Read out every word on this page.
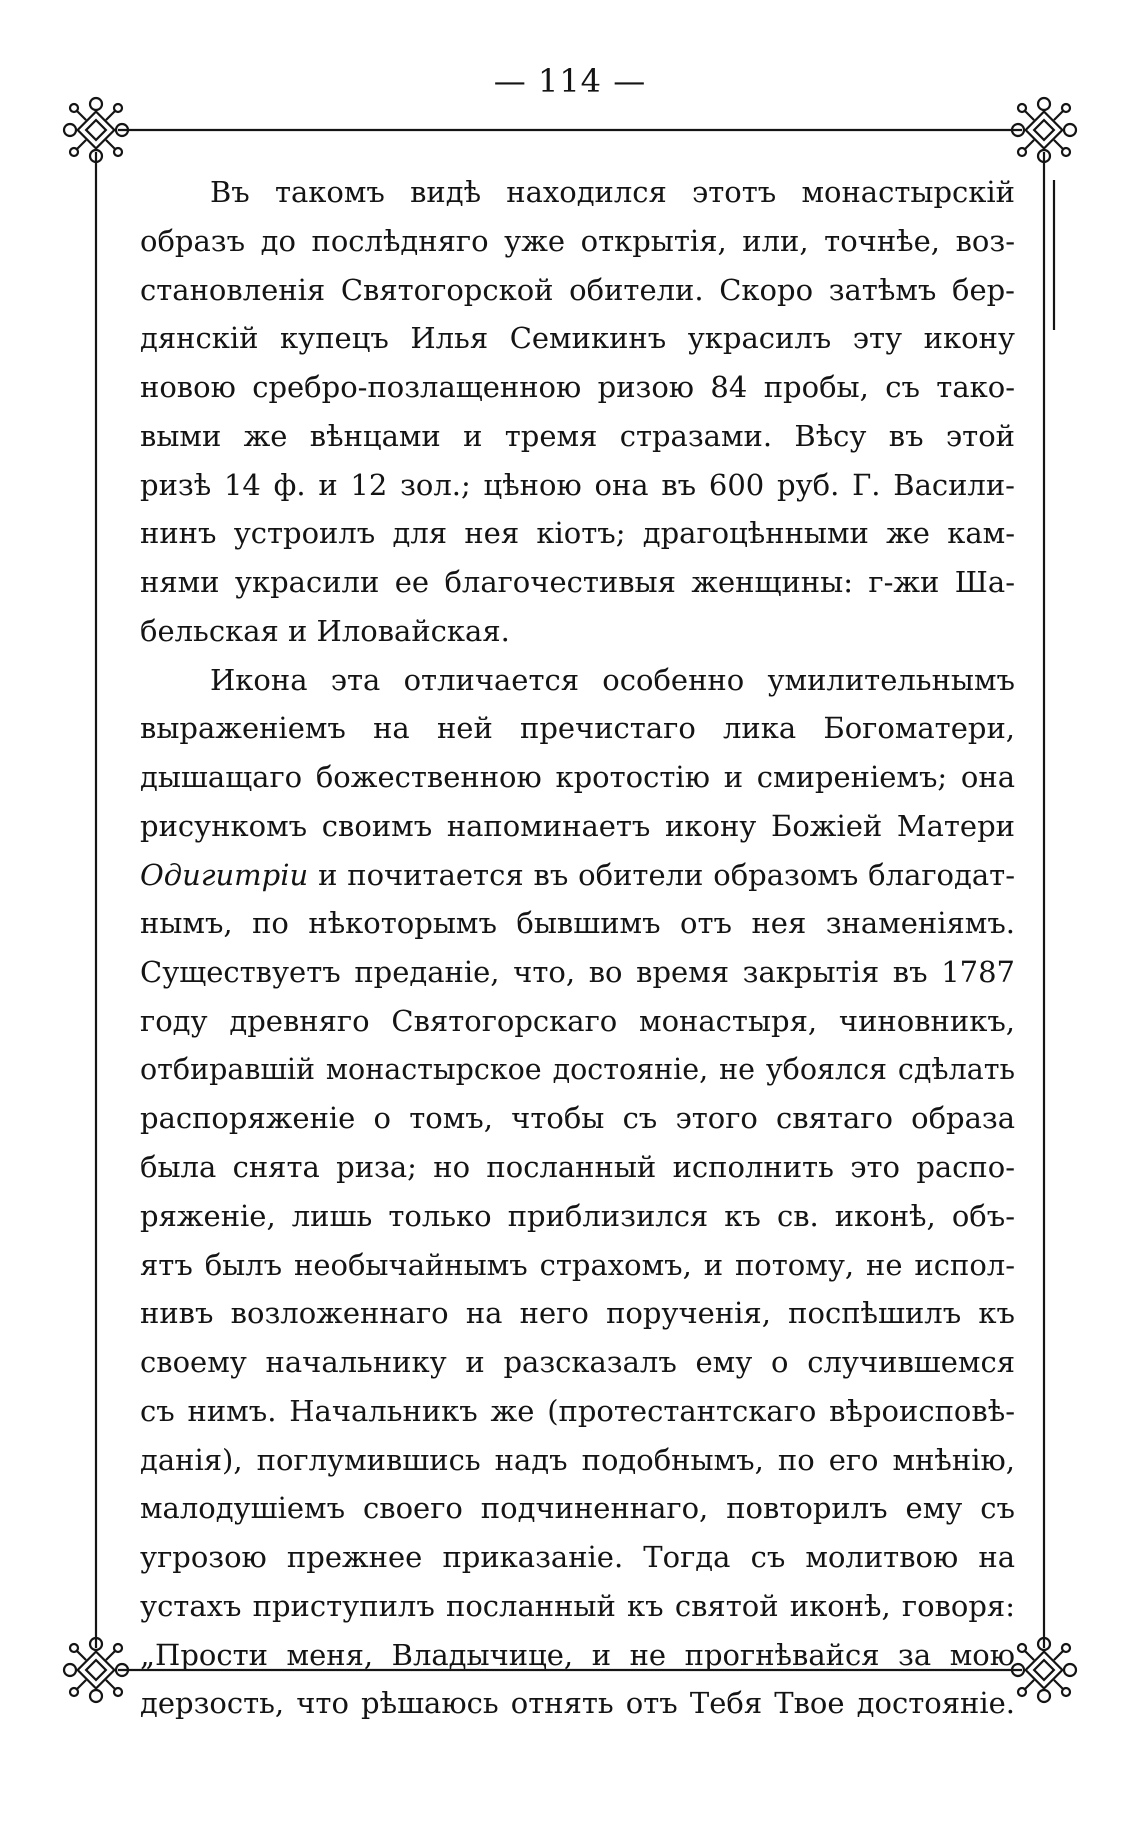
— 114 —
Въ такомъ видѣ находился этотъ монастырскій
образъ до послѣдняго уже открытія, или, точнѣе, воз-
становленія Святогорской обители. Скоро затѣмъ бер-
дянскій купецъ Илья Семикинъ украсилъ эту икону
новою сребро-позлащенною ризою 84 пробы, съ тако-
выми же вѣнцами и тремя стразами. Вѣсу въ этой
ризѣ 14 ф. и 12 зол.; цѣною она въ 600 руб. Г. Васили-
нинъ устроилъ для нея кіотъ; драгоцѣнными же кам-
нями украсили ее благочестивыя женщины: г-жи Ша-
бельская и Иловайская.
Икона эта отличается особенно умилительнымъ
выраженіемъ на ней пречистаго лика Богоматери,
дышащаго божественною кротостію и смиреніемъ; она
рисункомъ своимъ напоминаетъ икону Божіей Матери
Одигитріи и почитается въ обители образомъ благодат-
нымъ, по нѣкоторымъ бывшимъ отъ нея знаменіямъ.
Существуетъ преданіе, что, во время закрытія въ 1787
году древняго Святогорскаго монастыря, чиновникъ,
отбиравшій монастырское достояніе, не убоялся сдѣлать
распоряженіе о томъ, чтобы съ этого святаго образа
была снята риза; но посланный исполнить это распо-
ряженіе, лишь только приблизился къ св. иконѣ, объ-
ятъ былъ необычайнымъ страхомъ, и потому, не испол-
нивъ возложеннаго на него порученія, поспѣшилъ къ
своему начальнику и разсказалъ ему о случившемся
съ нимъ. Начальникъ же (протестантскаго вѣроисповѣ-
данія), поглумившись надъ подобнымъ, по его мнѣнію,
малодушіемъ своего подчиненнаго, повторилъ ему съ
угрозою прежнее приказаніе. Тогда съ молитвою на
устахъ приступилъ посланный къ святой иконѣ, говоря:
„Прости меня, Владычице, и не прогнѣвайся за мою
дерзость, что рѣшаюсь отнять отъ Тебя Твое достояніе.
